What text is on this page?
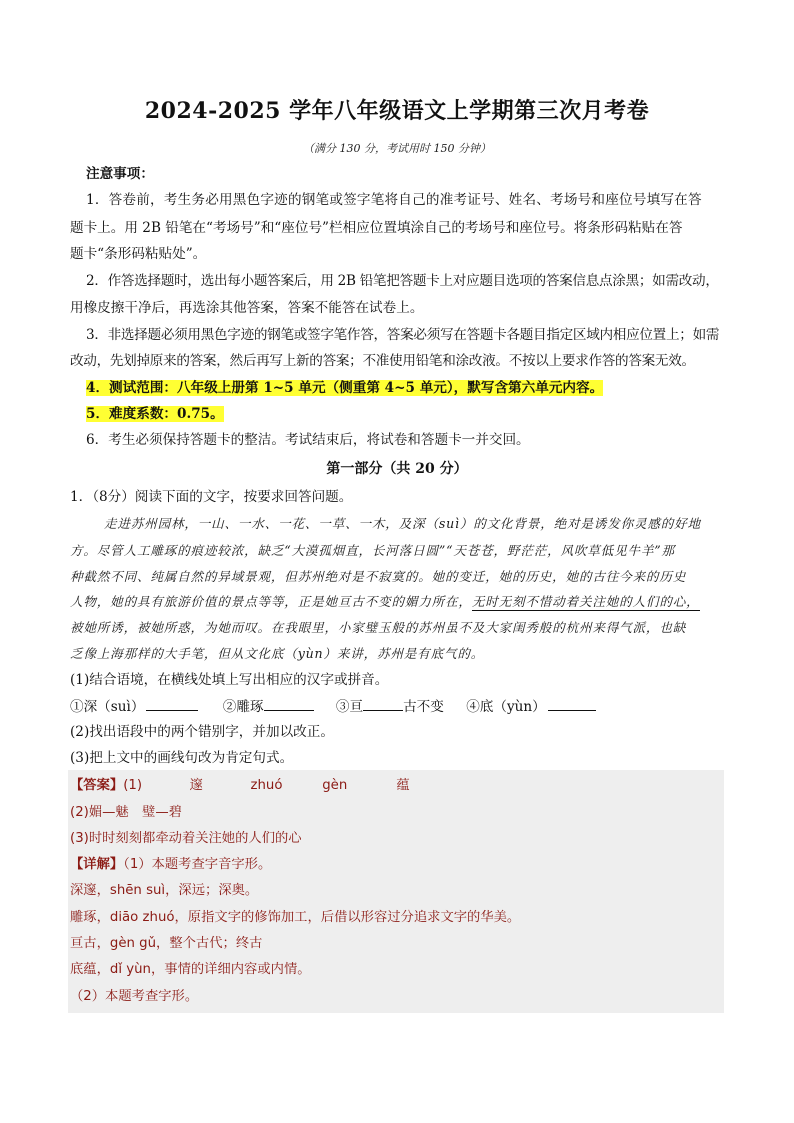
2024-2025 学年八年级语文上学期第三次月考卷
（满分 130 分，考试用时 150 分钟）
注意事项：
1．答卷前，考生务必用黑色字迹的钢笔或签字笔将自己的准考证号、姓名、考场号和座位号填写在答
题卡上。用 2B 铅笔在“考场号”和“座位号”栏相应位置填涂自己的考场号和座位号。将条形码粘贴在答
题卡“条形码粘贴处”。
2．作答选择题时，选出每小题答案后，用 2B 铅笔把答题卡上对应题目选项的答案信息点涂黑；如需改动，
用橡皮擦干净后，再选涂其他答案，答案不能答在试卷上。
3．非选择题必须用黑色字迹的钢笔或签字笔作答，答案必须写在答题卡各题目指定区域内相应位置上；如需
改动，先划掉原来的答案，然后再写上新的答案；不准使用铅笔和涂改液。不按以上要求作答的答案无效。
4．测试范围：八年级上册第 1~5 单元（侧重第 4~5 单元），默写含第六单元内容。
5．难度系数：0.75。
6．考生必须保持答题卡的整洁。考试结束后，将试卷和答题卡一并交回。
第一部分（共 20 分）
1．（8分）阅读下面的文字，按要求回答问题。
走进苏州园林，一山、一水、一花、一草、一木，及深（suì）的文化背景，绝对是诱发你灵感的好地
方。尽管人工雕琢的痕迹较浓，缺乏“大漠孤烟直，长河落日圆”“天苍苍，野茫茫，风吹草低见牛羊”那
种截然不同、纯属自然的异域景观，但苏州绝对是不寂寞的。她的变迁，她的历史，她的古往今来的历史
人物，她的具有旅游价值的景点等等，正是她亘古不变的媚力所在，无时无刻不惜动着关注她的人们的心，
被她所诱，被她所惑，为她而叹。在我眼里，小家璧玉般的苏州虽不及大家闺秀般的杭州来得气派，也缺
乏像上海那样的大手笔，但从文化底（yùn）来讲，苏州是有底气的。
(1)结合语境，在横线处填上写出相应的汉字或拼音。
①深（suì）	②雕琢	③亘	古不变 ④底（yùn）
(2)找出语段中的两个错别字，并加以改正。
(3)把上文中的画线句改为肯定句式。
【答案】(1)	邃	zhuó	gèn	蕴
(2)媚—魅　璧—碧
(3)时时刻刻都牵动着关注她的人们的心
【详解】（1）本题考查字音字形。
深邃，shēn suì，深远；深奥。
雕琢，diāo zhuó，原指文字的修饰加工，后借以形容过分追求文字的华美。
亘古，gèn gǔ，整个古代；终古
底蕴，dǐ yùn，事情的详细内容或内情。
（2）本题考查字形。
